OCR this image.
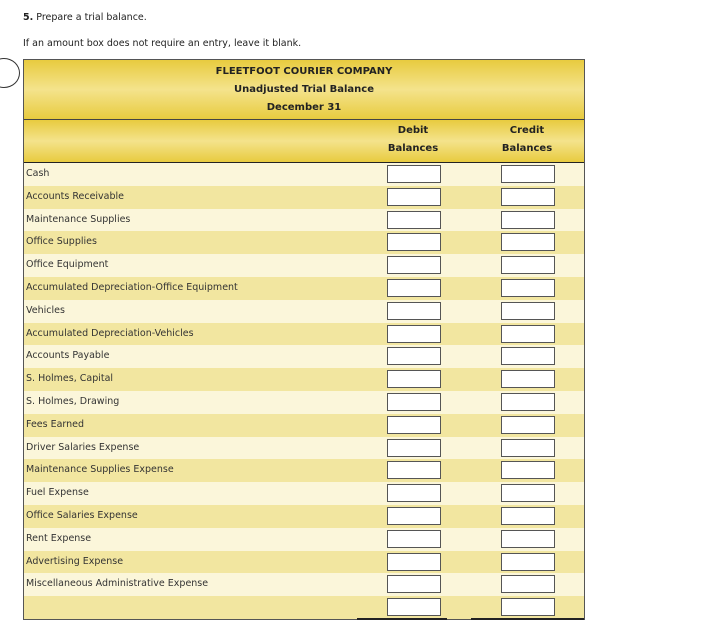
5. Prepare a trial balance.
If an amount box does not require an entry, leave it blank.
FLEETFOOT COURIER COMPANY
Unadjusted Trial Balance
December 31
Debit
Balances
Credit
Balances
Cash
Accounts Receivable
Maintenance Supplies
Office Supplies
Office Equipment
Accumulated Depreciation-Office Equipment
Vehicles
Accumulated Depreciation-Vehicles
Accounts Payable
S. Holmes, Capital
S. Holmes, Drawing
Fees Earned
Driver Salaries Expense
Maintenance Supplies Expense
Fuel Expense
Office Salaries Expense
Rent Expense
Advertising Expense
Miscellaneous Administrative Expense
